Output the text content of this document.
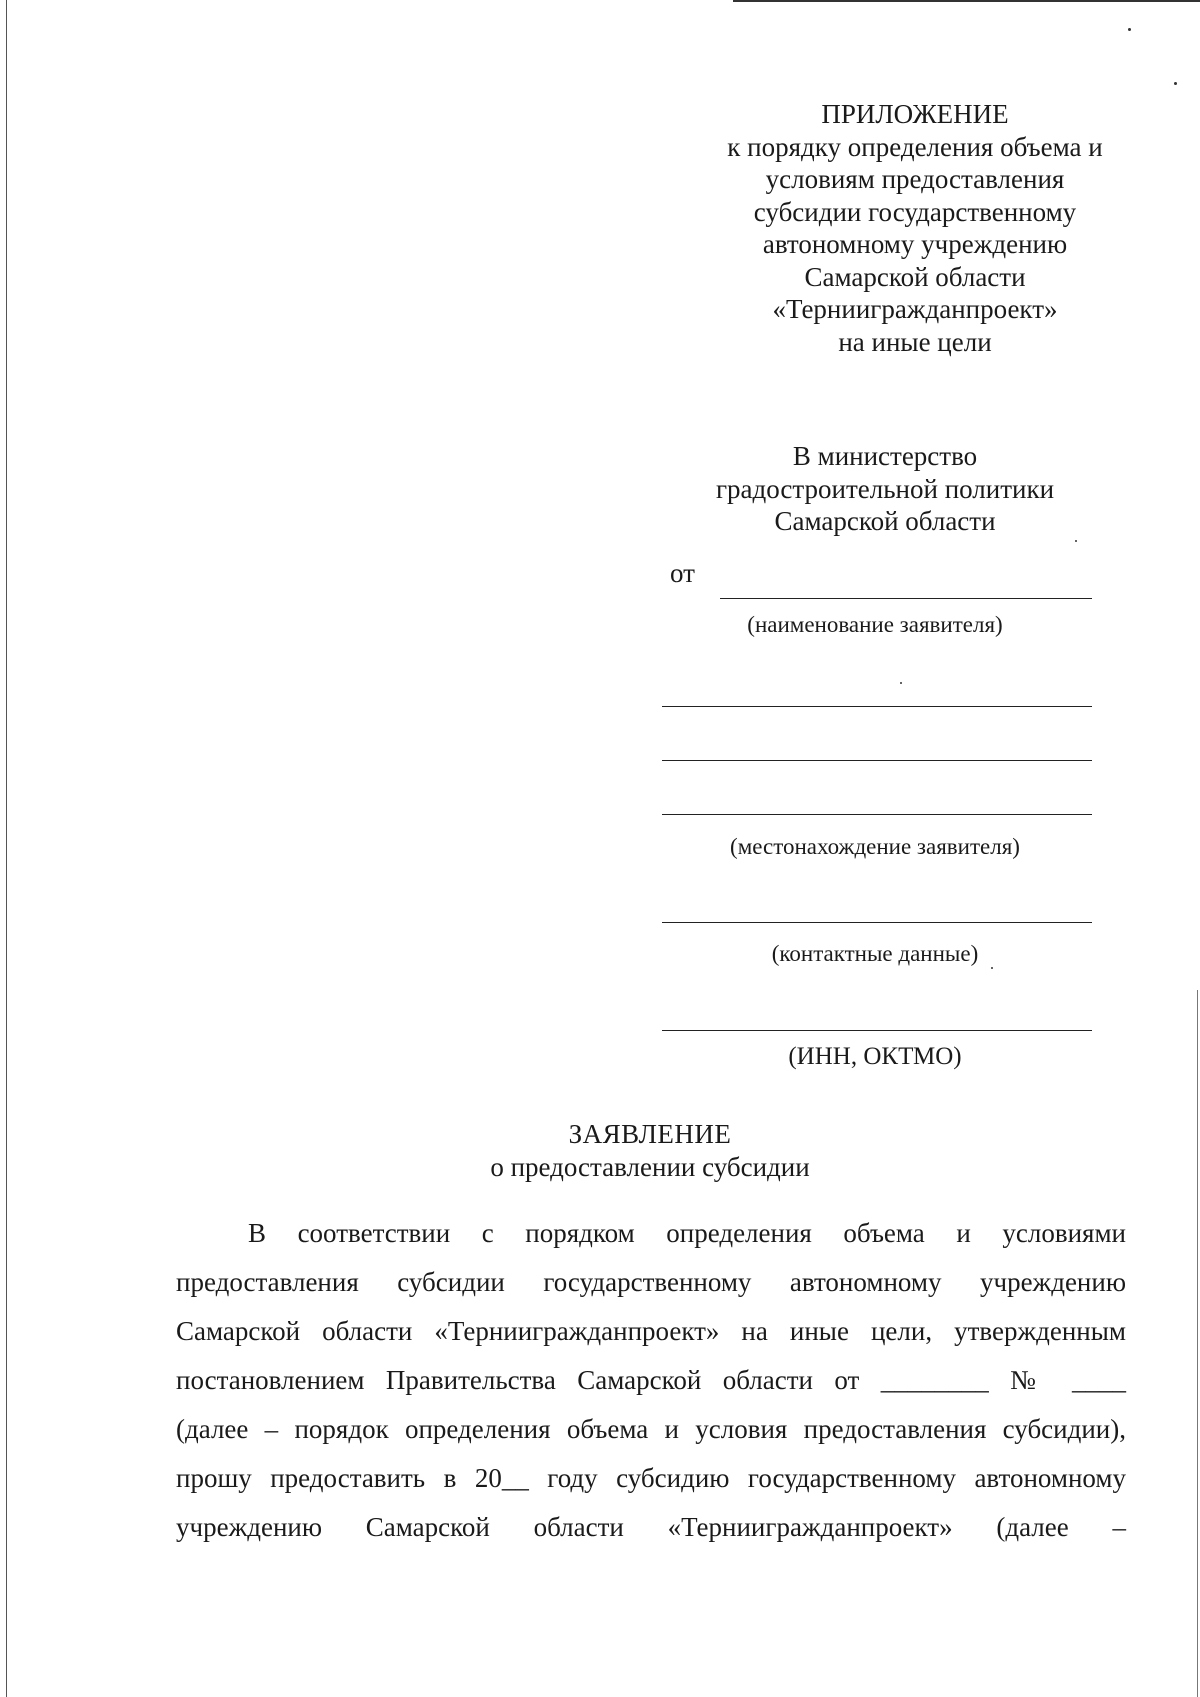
ПРИЛОЖЕНИЕ
к порядку определения объема и
условиям предоставления
субсидии государственному
автономному учреждению
Самарской области
«Терниигражданпроект»
на иные цели
В министерство
градостроительной политики
Самарской области
от
(наименование заявителя)
(местонахождение заявителя)
(контактные данные)
(ИНН, ОКТМО)
ЗАЯВЛЕНИЕ
о предоставлении субсидии
В соответствии с порядком определения объема и условиями
предоставления субсидии государственному автономному учреждению
Самарской области «Терниигражданпроект» на иные цели, утвержденным
постановлением Правительства Самарской области от ________ № ____
(далее – порядок определения объема и условия предоставления субсидии),
прошу предоставить в 20__ году субсидию государственному автономному
учреждению Самарской области «Терниигражданпроект» (далее –
